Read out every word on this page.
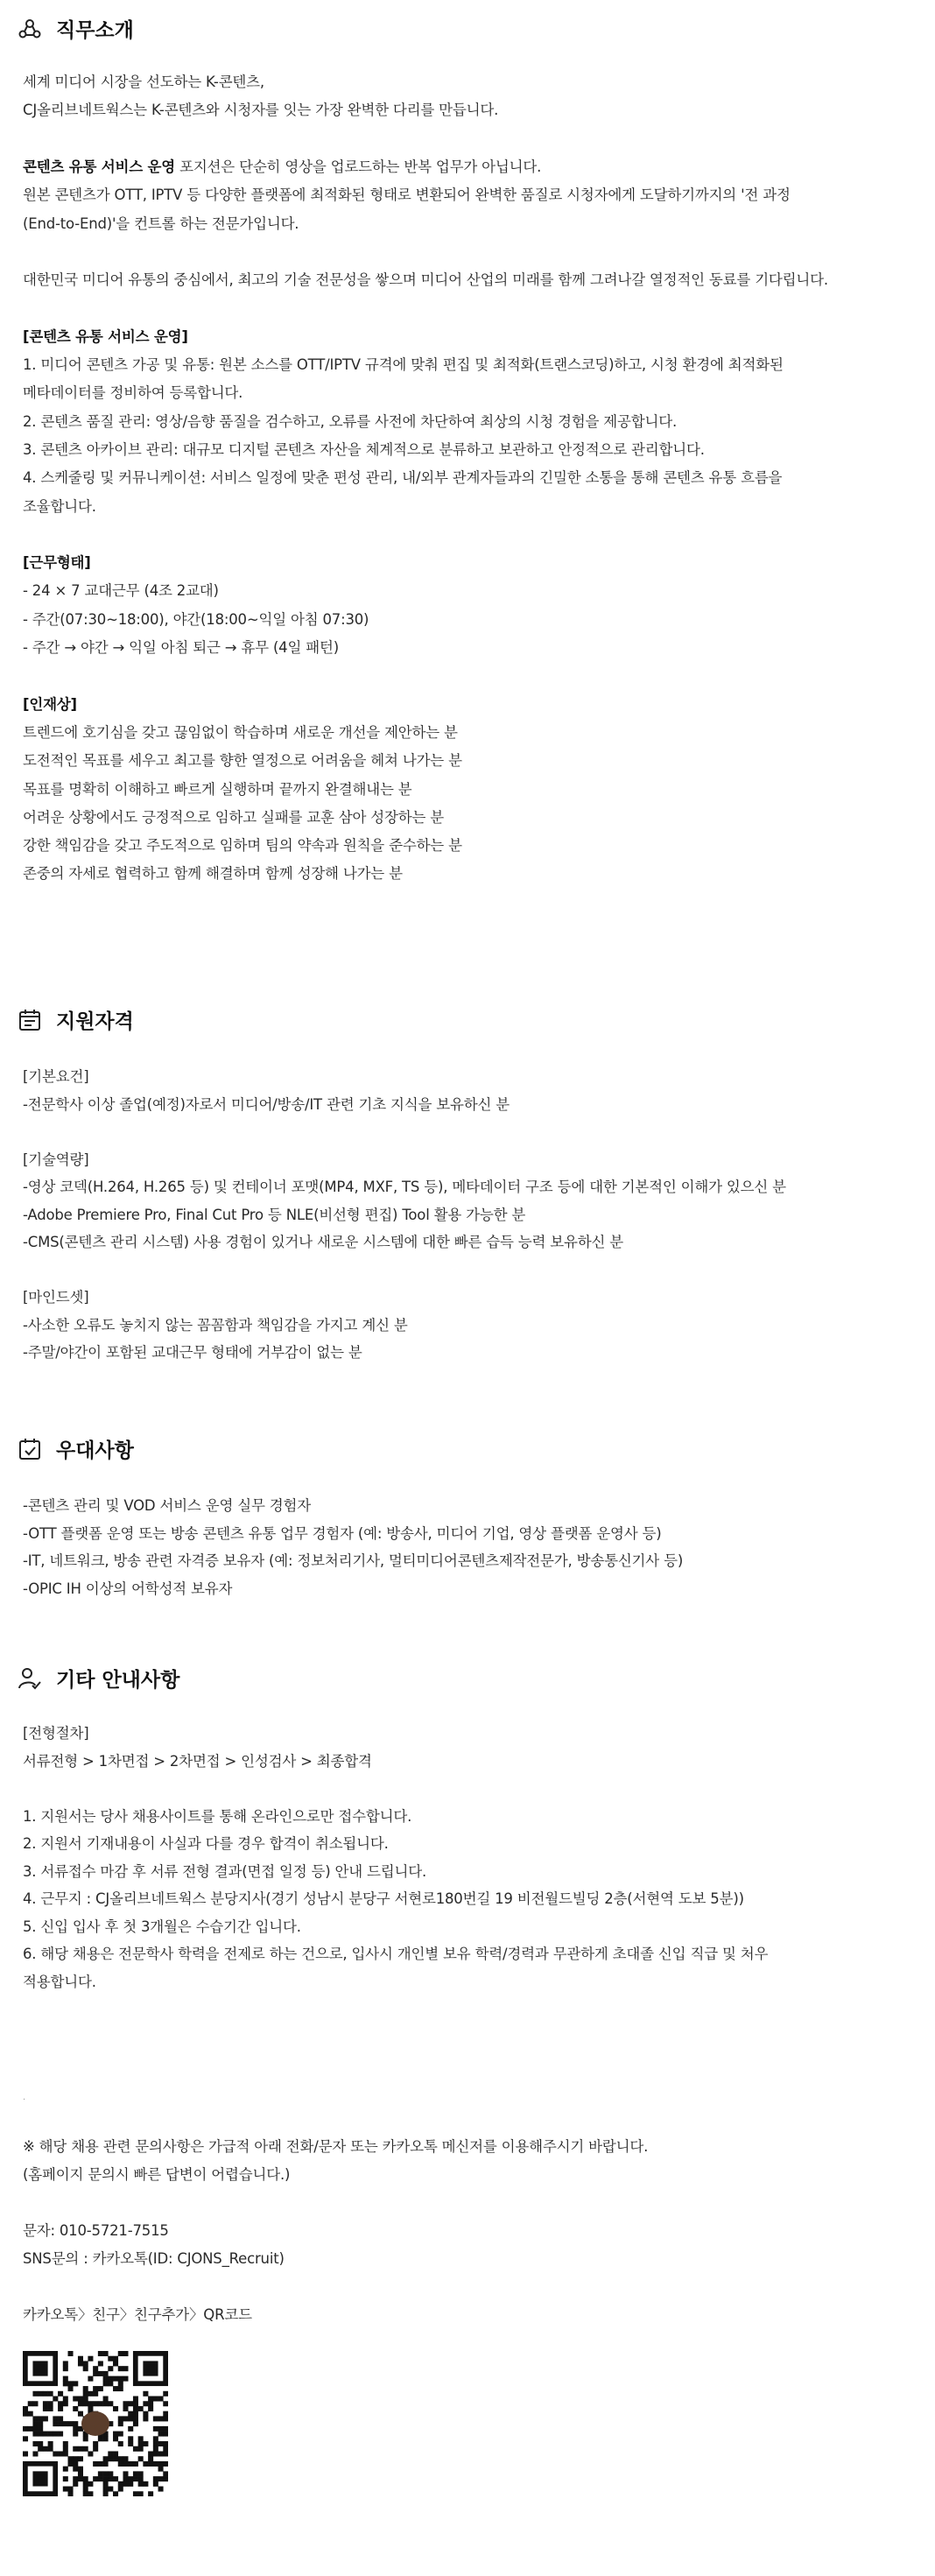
직무소개
세계 미디어 시장을 선도하는 K-콘텐츠,
CJ올리브네트웍스는 K-콘텐츠와 시청자를 잇는 가장 완벽한 다리를 만듭니다.
콘텐츠 유통 서비스 운영 포지션은 단순히 영상을 업로드하는 반복 업무가 아닙니다.
원본 콘텐츠가 OTT, IPTV 등 다양한 플랫폼에 최적화된 형태로 변환되어 완벽한 품질로 시청자에게 도달하기까지의 '전 과정
(End-to-End)'을 컨트롤 하는 전문가입니다.
대한민국 미디어 유통의 중심에서, 최고의 기술 전문성을 쌓으며 미디어 산업의 미래를 함께 그려나갈 열정적인 동료를 기다립니다.
[콘텐츠 유통 서비스 운영]
1. 미디어 콘텐츠 가공 및 유통: 원본 소스를 OTT/IPTV 규격에 맞춰 편집 및 최적화(트랜스코딩)하고, 시청 환경에 최적화된
메타데이터를 정비하여 등록합니다.
2. 콘텐츠 품질 관리: 영상/음향 품질을 검수하고, 오류를 사전에 차단하여 최상의 시청 경험을 제공합니다.
3. 콘텐츠 아카이브 관리: 대규모 디지털 콘텐츠 자산을 체계적으로 분류하고 보관하고 안정적으로 관리합니다.
4. 스케줄링 및 커뮤니케이션: 서비스 일정에 맞춘 편성 관리, 내/외부 관계자들과의 긴밀한 소통을 통해 콘텐츠 유통 흐름을
조율합니다.
[근무형태]
- 24 × 7 교대근무 (4조 2교대)
- 주간(07:30~18:00), 야간(18:00~익일 아침 07:30)
- 주간 → 야간 → 익일 아침 퇴근 → 휴무 (4일 패턴)
[인재상]
트렌드에 호기심을 갖고 끊임없이 학습하며 새로운 개선을 제안하는 분
도전적인 목표를 세우고 최고를 향한 열정으로 어려움을 헤쳐 나가는 분
목표를 명확히 이해하고 빠르게 실행하며 끝까지 완결해내는 분
어려운 상황에서도 긍정적으로 임하고 실패를 교훈 삼아 성장하는 분
강한 책임감을 갖고 주도적으로 임하며 팀의 약속과 원칙을 준수하는 분
존중의 자세로 협력하고 함께 해결하며 함께 성장해 나가는 분
지원자격
[기본요건]
-전문학사 이상 졸업(예정)자로서 미디어/방송/IT 관련 기초 지식을 보유하신 분
[기술역량]
-영상 코덱(H.264, H.265 등) 및 컨테이너 포맷(MP4, MXF, TS 등), 메타데이터 구조 등에 대한 기본적인 이해가 있으신 분
-Adobe Premiere Pro, Final Cut Pro 등 NLE(비선형 편집) Tool 활용 가능한 분
-CMS(콘텐츠 관리 시스템) 사용 경험이 있거나 새로운 시스템에 대한 빠른 습득 능력 보유하신 분
[마인드셋]
-사소한 오류도 놓치지 않는 꼼꼼함과 책임감을 가지고 계신 분
-주말/야간이 포함된 교대근무 형태에 거부감이 없는 분
우대사항
-콘텐츠 관리 및 VOD 서비스 운영 실무 경험자
-OTT 플랫폼 운영 또는 방송 콘텐츠 유통 업무 경험자 (예: 방송사, 미디어 기업, 영상 플랫폼 운영사 등)
-IT, 네트워크, 방송 관련 자격증 보유자 (예: 정보처리기사, 멀티미디어콘텐츠제작전문가, 방송통신기사 등)
-OPIC IH 이상의 어학성적 보유자
기타 안내사항
[전형절차]
서류전형 > 1차면접 > 2차면접 > 인성검사 > 최종합격
1. 지원서는 당사 채용사이트를 통해 온라인으로만 접수합니다.
2. 지원서 기재내용이 사실과 다를 경우 합격이 취소됩니다.
3. 서류접수 마감 후 서류 전형 결과(면접 일정 등) 안내 드립니다.
4. 근무지 : CJ올리브네트웍스 분당지사(경기 성남시 분당구 서현로180번길 19 비전월드빌딩 2층(서현역 도보 5분))
5. 신입 입사 후 첫 3개월은 수습기간 입니다.
6. 해당 채용은 전문학사 학력을 전제로 하는 건으로, 입사시 개인별 보유 학력/경력과 무관하게 초대졸 신입 직급 및 처우
적용합니다.
.
※ 해당 채용 관련 문의사항은 가급적 아래 전화/문자 또는 카카오톡 메신저를 이용해주시기 바랍니다.
(홈페이지 문의시 빠른 답변이 어렵습니다.)
문자: 010-5721-7515
SNS문의 : 카카오톡(ID: CJONS_Recruit)
카카오톡〉친구〉친구추가〉QR코드
